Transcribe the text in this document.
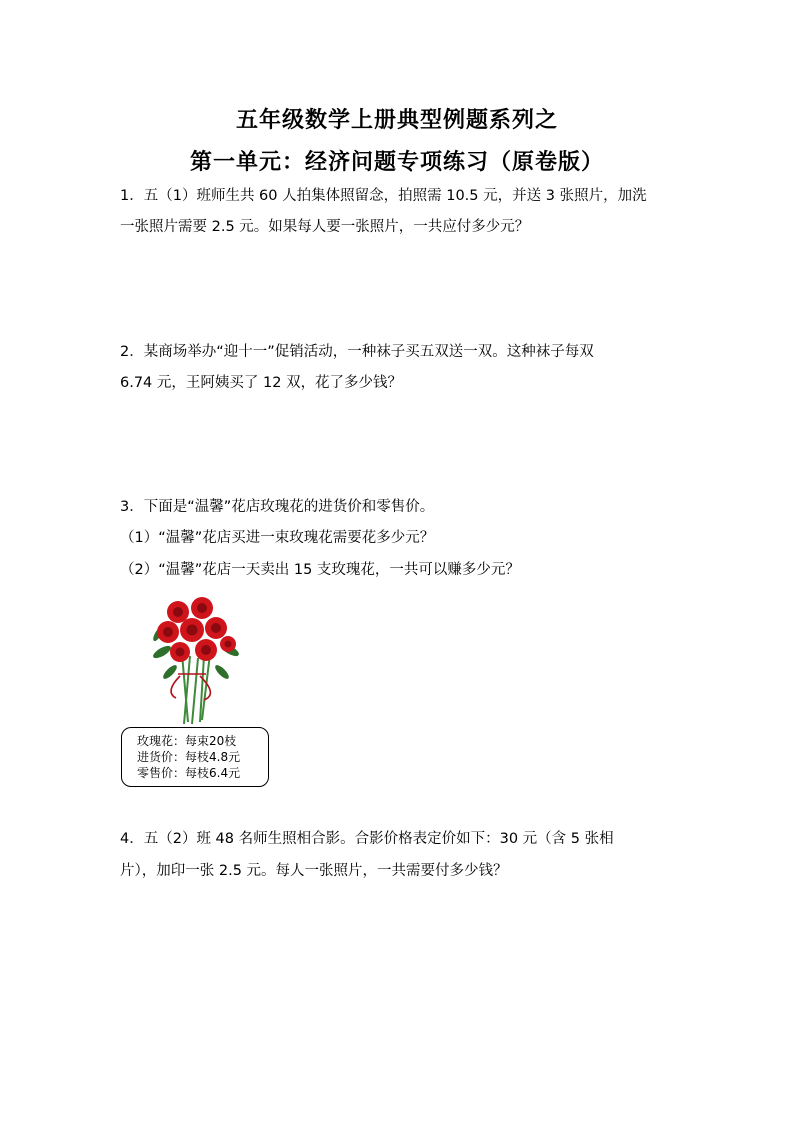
五年级数学上册典型例题系列之
第一单元：经济问题专项练习（原卷版）
1．五（1）班师生共 60 人拍集体照留念，拍照需 10.5 元，并送 3 张照片，加洗
一张照片需要 2.5 元。如果每人要一张照片，一共应付多少元？
2．某商场举办“迎十一”促销活动，一种袜子买五双送一双。这种袜子每双
6.74 元，王阿姨买了 12 双，花了多少钱？
3．下面是“温馨”花店玫瑰花的进货价和零售价。
（1）“温馨”花店买进一束玫瑰花需要花多少元？
（2）“温馨”花店一天卖出 15 支玫瑰花，一共可以赚多少元？
玫瑰花：每束20枝
进货价：每枝4.8元
零售价：每枝6.4元
4．五（2）班 48 名师生照相合影。合影价格表定价如下：30 元（含 5 张相
片），加印一张 2.5 元。每人一张照片，一共需要付多少钱？
